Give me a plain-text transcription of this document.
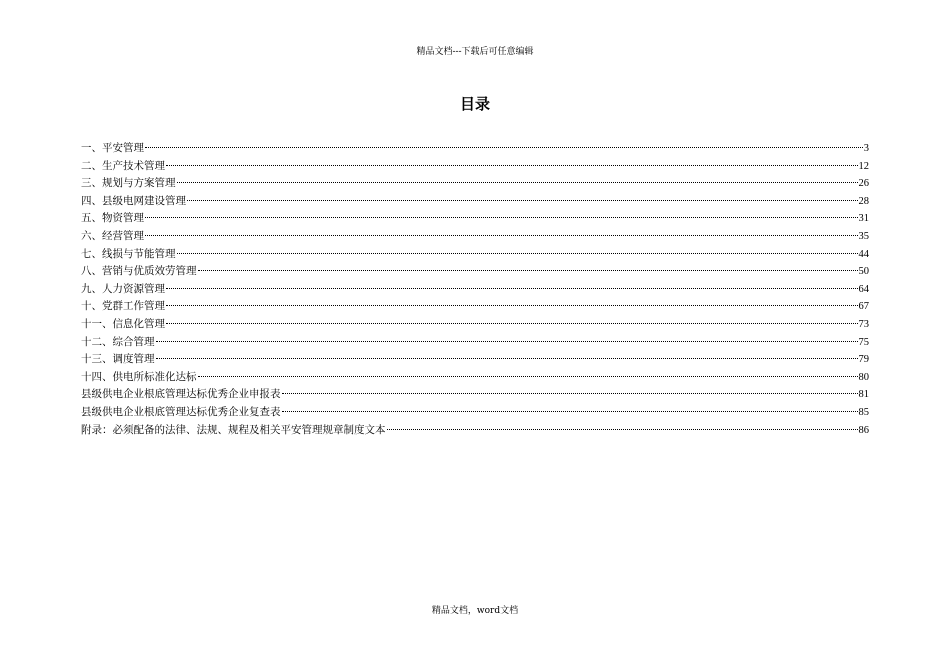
精品文档---下载后可任意编辑
目录
一、平安管理	3
二、生产技术管理	12
三、规划与方案管理	26
四、县级电网建设管理	28
五、物资管理	31
六、经营管理	35
七、线损与节能管理	44
八、营销与优质效劳管理	50
九、人力资源管理	64
十、党群工作管理	67
十一、信息化管理	73
十二、综合管理	75
十三、调度管理	79
十四、供电所标准化达标	80
县级供电企业根底管理达标优秀企业申报表	81
县级供电企业根底管理达标优秀企业复查表	85
附录：必须配备的法律、法规、规程及相关平安管理规章制度文本	86
精品文档，word文档
